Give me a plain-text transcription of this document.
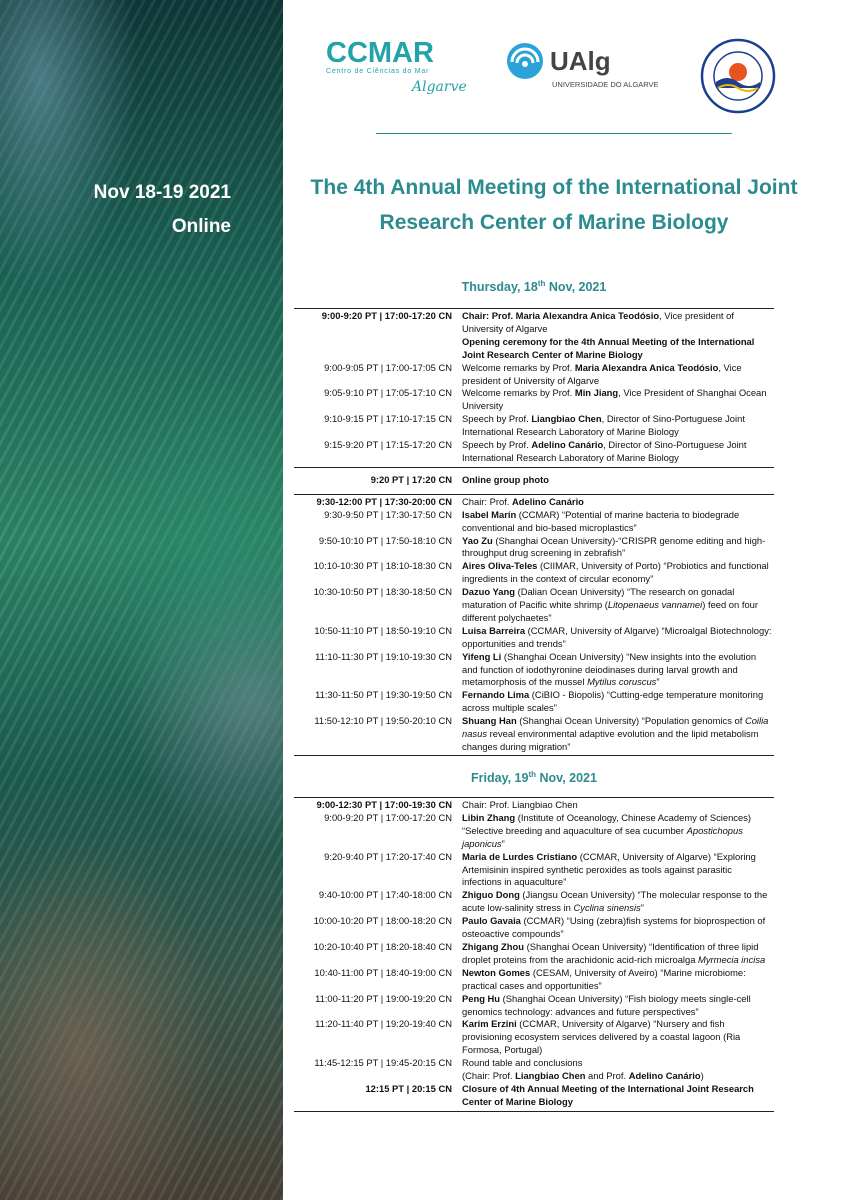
Nov 18-19 2021
Online
CCMAR
Centro de Ciências do Mar
Algarve
UAlg
UNIVERSIDADE DO ALGARVE
The 4th Annual Meeting of the International Joint
Research Center of Marine Biology
Thursday, 18th Nov, 2021
9:00-9:20 PT | 17:00-17:20 CN	Chair: Prof. Maria Alexandra Anica Teodósio, Vice president of University of Algarve
Opening ceremony for the 4th Annual Meeting of the International Joint Research Center of Marine Biology
9:00-9:05 PT | 17:00-17:05 CN	Welcome remarks by Prof. Maria Alexandra Anica Teodósio, Vice president of University of Algarve
9:05-9:10 PT | 17:05-17:10 CN	Welcome remarks by Prof. Min Jiang, Vice President of Shanghai Ocean University
9:10-9:15 PT | 17:10-17:15 CN	Speech by Prof. Liangbiao Chen, Director of Sino-Portuguese Joint International Research Laboratory of Marine Biology
9:15-9:20 PT | 17:15-17:20 CN	Speech by Prof. Adelino Canário, Director of Sino-Portuguese Joint International Research Laboratory of Marine Biology
9:20 PT | 17:20 CN	Online group photo
9:30-12:00 PT | 17:30-20:00 CN	Chair: Prof. Adelino Canário
9:30-9:50 PT | 17:30-17:50 CN	Isabel Marín (CCMAR) “Potential of marine bacteria to biodegrade conventional and bio-based microplastics”
9:50-10:10 PT | 17:50-18:10 CN	Yao Zu (Shanghai Ocean University)-“CRISPR genome editing and high-throughput drug screening in zebrafish”
10:10-10:30 PT | 18:10-18:30 CN	Aires Oliva-Teles (CIIMAR, University of Porto) “Probiotics and functional ingredients in the context of circular economy”
10:30-10:50 PT | 18:30-18:50 CN	Dazuo Yang (Dalian Ocean University) “The research on gonadal maturation of Pacific white shrimp (Litopenaeus vannamei) feed on four different polychaetes”
10:50-11:10 PT | 18:50-19:10 CN	Luisa Barreira (CCMAR, University of Algarve) “Microalgal Biotechnology: opportunities and trends”
11:10-11:30 PT | 19:10-19:30 CN	Yifeng Li (Shanghai Ocean University) “New insights into the evolution and function of iodothyronine deiodinases during larval growth and metamorphosis of the mussel Mytilus coruscus”
11:30-11:50 PT | 19:30-19:50 CN	Fernando Lima (CiBIO - Biopolis) “Cutting-edge temperature monitoring across multiple scales”
11:50-12:10 PT | 19:50-20:10 CN	Shuang Han (Shanghai Ocean University) “Population genomics of Coilia nasus reveal environmental adaptive evolution and the lipid metabolism changes during migration”
Friday, 19th Nov, 2021
9:00-12:30 PT | 17:00-19:30 CN	Chair: Prof. Liangbiao Chen
9:00-9:20 PT | 17:00-17:20 CN	Libin Zhang (Institute of Oceanology, Chinese Academy of Sciences) “Selective breeding and aquaculture of sea cucumber Apostichopus japonicus”
9:20-9:40 PT | 17:20-17:40 CN	Maria de Lurdes Cristiano (CCMAR, University of Algarve) “Exploring Artemisinin inspired synthetic peroxides as tools against parasitic infections in aquaculture”
9:40-10:00 PT | 17:40-18:00 CN	Zhiguo Dong (Jiangsu Ocean University) “The molecular response to the acute low-salinity stress in Cyclina sinensis”
10:00-10:20 PT | 18:00-18:20 CN	Paulo Gavaia (CCMAR) “Using (zebra)fish systems for bioprospection of osteoactive compounds”
10:20-10:40 PT | 18:20-18:40 CN	Zhigang Zhou (Shanghai Ocean University) “Identification of three lipid droplet proteins from the arachidonic acid-rich microalga Myrmecia incisa
10:40-11:00 PT | 18:40-19:00 CN	Newton Gomes (CESAM, University of Aveiro) “Marine microbiome: practical cases and opportunities”
11:00-11:20 PT | 19:00-19:20 CN	Peng Hu (Shanghai Ocean University) “Fish biology meets single-cell genomics technology: advances and future perspectives”
11:20-11:40 PT | 19:20-19:40 CN	Karim Erzini (CCMAR, University of Algarve) “Nursery and fish provisioning ecosystem services delivered by a coastal lagoon (Ria Formosa, Portugal)
11:45-12:15 PT | 19:45-20:15 CN	Round table and conclusions
(Chair: Prof. Liangbiao Chen and Prof. Adelino Canário)
12:15 PT | 20:15 CN	Closure of 4th Annual Meeting of the International Joint Research Center of Marine Biology
